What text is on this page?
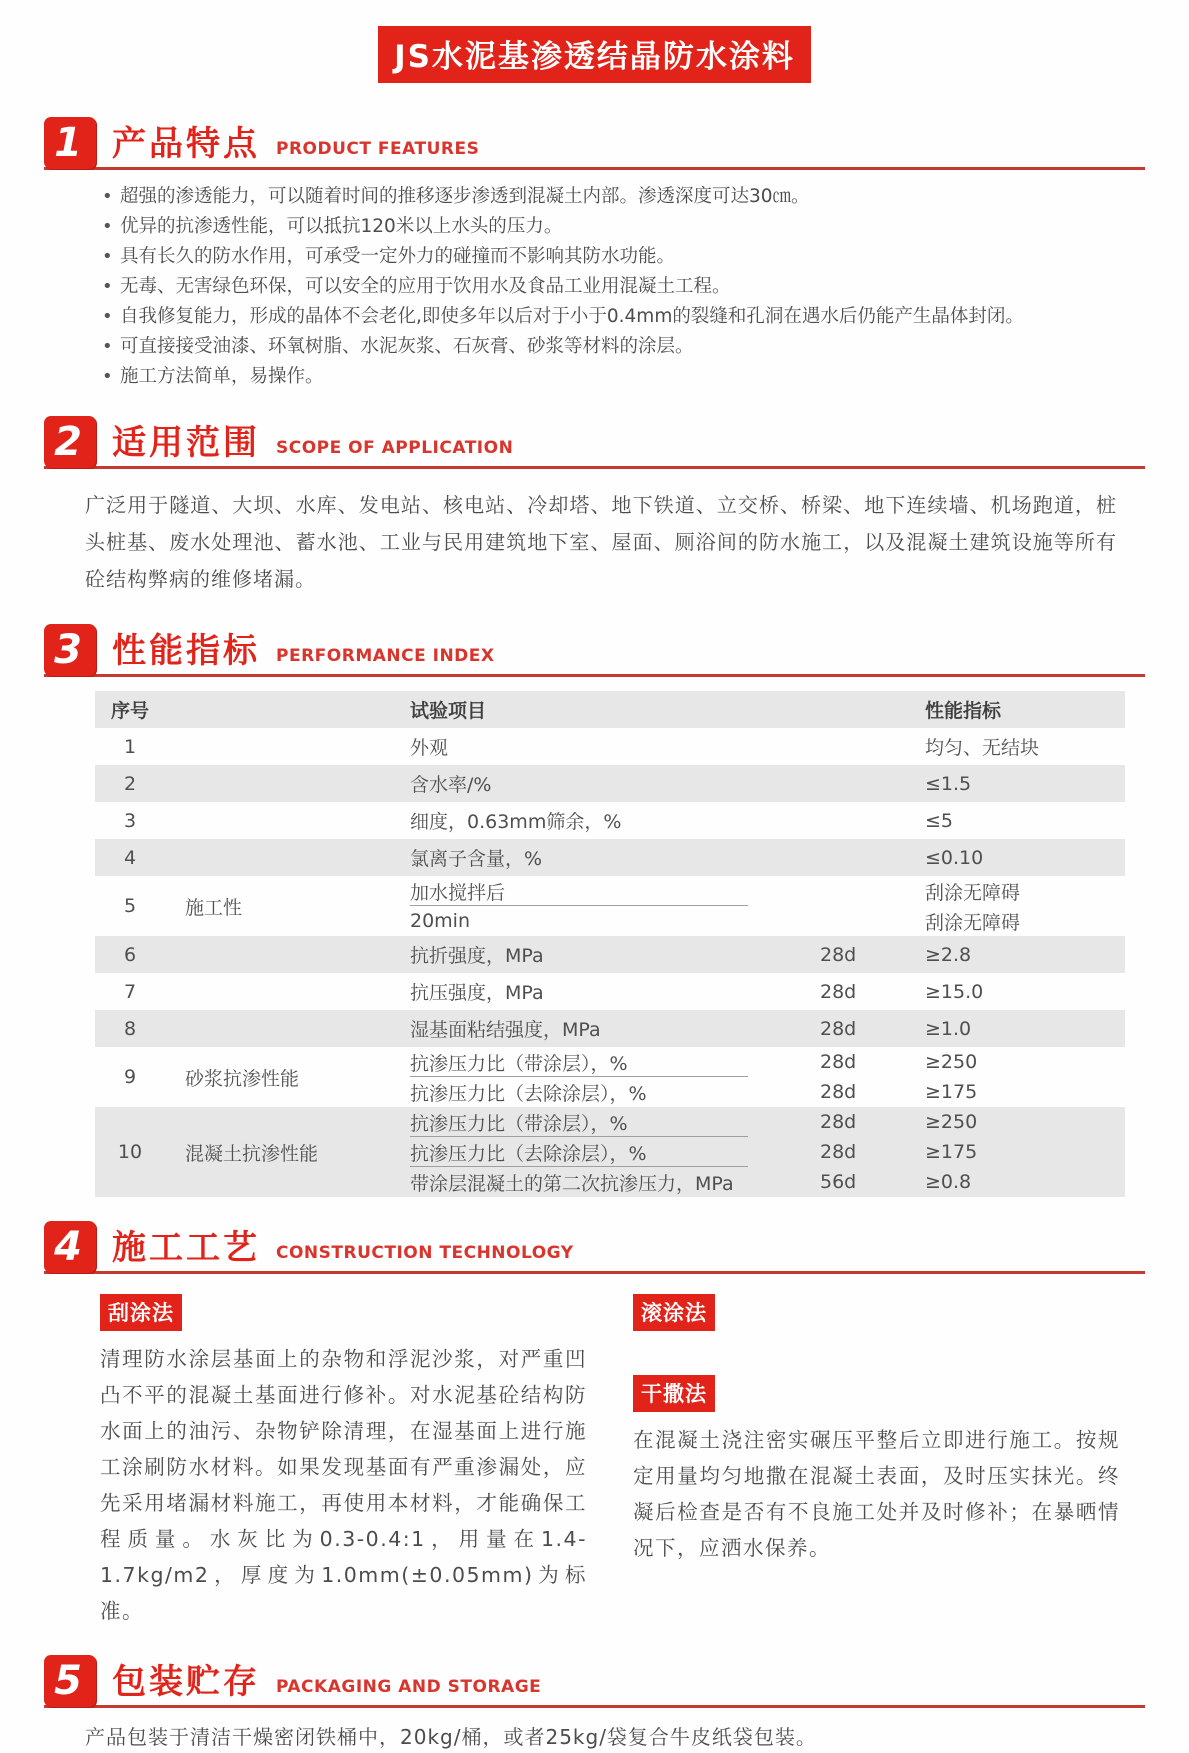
JS水泥基渗透结晶防水涂料
1 产品特点 PRODUCT FEATURES
• 超强的渗透能力，可以随着时间的推移逐步渗透到混凝土内部。渗透深度可达30㎝。
• 优异的抗渗透性能，可以抵抗120米以上水头的压力。
• 具有长久的防水作用，可承受一定外力的碰撞而不影响其防水功能。
• 无毒、无害绿色环保，可以安全的应用于饮用水及食品工业用混凝土工程。
• 自我修复能力，形成的晶体不会老化,即使多年以后对于小于0.4mm的裂缝和孔洞在遇水后仍能产生晶体封闭。
• 可直接接受油漆、环氧树脂、水泥灰浆、石灰膏、砂浆等材料的涂层。
• 施工方法简单，易操作。
2 适用范围 SCOPE OF APPLICATION

广泛用于隧道、大坝、水库、发电站、核电站、冷却塔、地下铁道、立交桥、桥梁、地下连续墙、机场跑道，桩头桩基、废水处理池、蓄水池、工业与民用建筑地下室、屋面、厕浴间的防水施工，以及混凝土建筑设施等所有砼结构弊病的维修堵漏。

3 性能指标 PERFORMANCE INDEX
序号		试验项目		性能指标
1		外观		均匀、无结块
2		含水率/%		≤1.5
3		细度，0.63mm筛余，%		≤5
4		氯离子含量，%		≤0.10
5	施工性	加水搅拌后		刮涂无障碍
		20min		刮涂无障碍
6		抗折强度，MPa	28d	≥2.8
7		抗压强度，MPa	28d	≥15.0
8		湿基面粘结强度，MPa	28d	≥1.0
9	砂浆抗渗性能	抗渗压力比（带涂层），%	28d	≥250
		抗渗压力比（去除涂层），%	28d	≥175
10	混凝土抗渗性能	抗渗压力比（带涂层），%	28d	≥250
		抗渗压力比（去除涂层），%	28d	≥175
		带涂层混凝土的第二次抗渗压力，MPa	56d	≥0.8
4 施工工艺 CONSTRUCTION TECHNOLOGY
刮涂法

清理防水涂层基面上的杂物和浮泥沙浆，对严重凹凸不平的混凝土基面进行修补。对水泥基砼结构防水面上的油污、杂物铲除清理，在湿基面上进行施工涂刷防水材料。如果发现基面有严重渗漏处，应先采用堵漏材料施工，再使用本材料，才能确保工程质量。水灰比为0.3-0.4:1，用量在1.4-1.7kg/m2，厚度为1.0mm(±0.05mm)为标准。

滚涂法
干撒法

在混凝土浇注密实碾压平整后立即进行施工。按规定用量均匀地撒在混凝土表面，及时压实抹光。终凝后检查是否有不良施工处并及时修补；在暴晒情况下，应洒水保养。

5 包装贮存 PACKAGING AND STORAGE

产品包装于清洁干燥密闭铁桶中，20kg/桶，或者25kg/袋复合牛皮纸袋包装。
